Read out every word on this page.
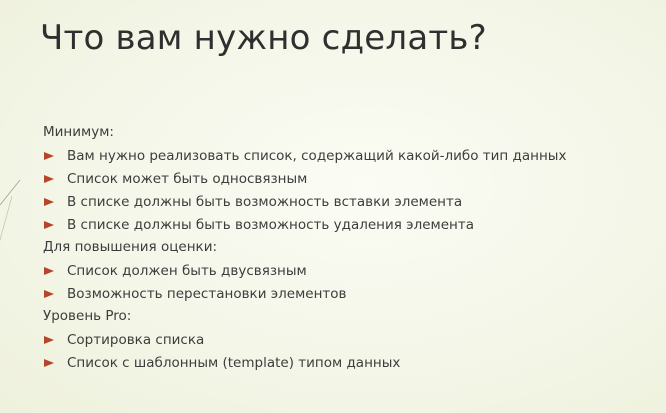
Что вам нужно сделать?
Минимум:
Вам нужно реализовать список, содержащий какой-либо тип данных
Список может быть односвязным
В списке должны быть возможность вставки элемента
В списке должны быть возможность удаления элемента
Для повышения оценки:
Список должен быть двусвязным
Возможность перестановки элементов
Уровень Pro:
Сортировка списка
Список с шаблонным (template) типом данных
